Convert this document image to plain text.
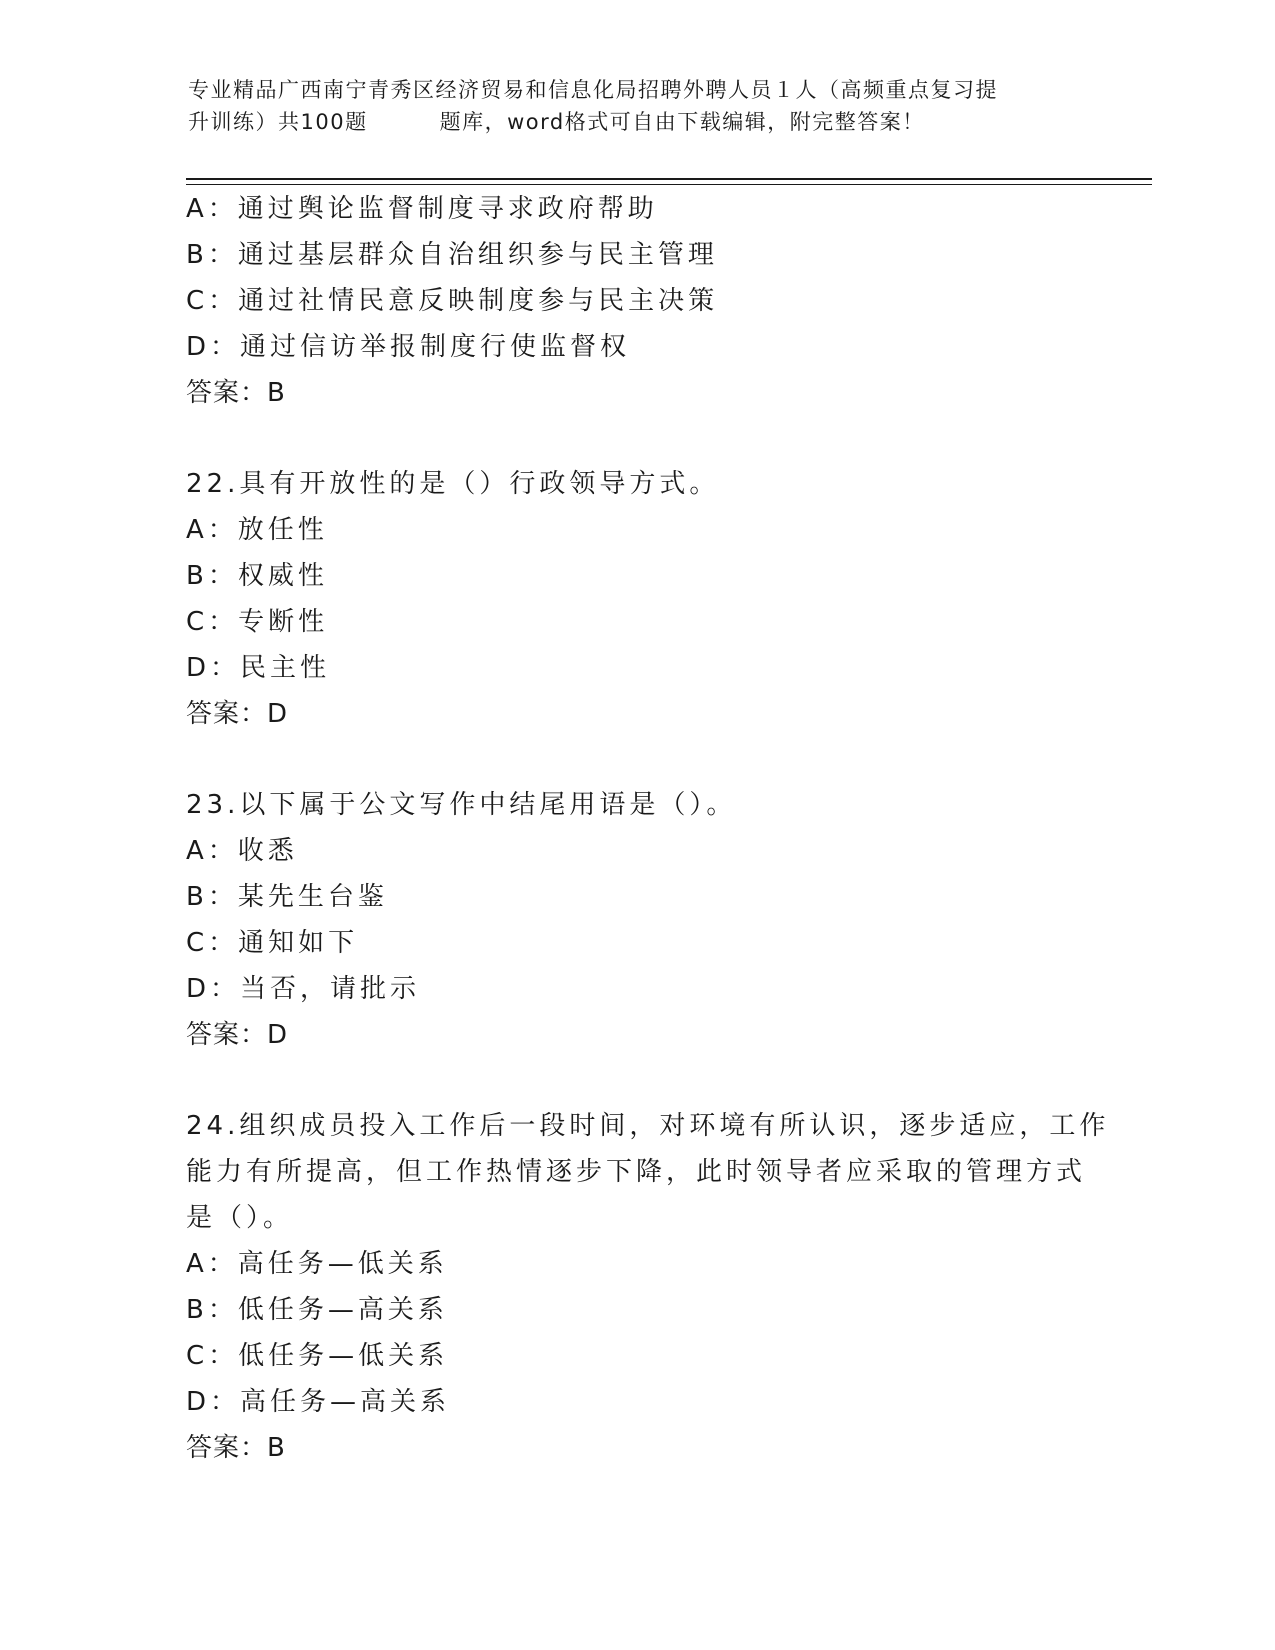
专业精品广西南宁青秀区经济贸易和信息化局招聘外聘人员１人（高频重点复习提
升训练）共100题	题库，word格式可自由下载编辑，附完整答案！
A：通过舆论监督制度寻求政府帮助
B：通过基层群众自治组织参与民主管理
C：通过社情民意反映制度参与民主决策
D：通过信访举报制度行使监督权
答案：B
22.具有开放性的是（）行政领导方式。
A：放任性
B：权威性
C：专断性
D：民主性
答案：D
23.以下属于公文写作中结尾用语是（）。
A：收悉
B：某先生台鉴
C：通知如下
D：当否，请批示
答案：D
24.组织成员投入工作后一段时间，对环境有所认识，逐步适应，工作
能力有所提高，但工作热情逐步下降，此时领导者应采取的管理方式
是（）。
A：高任务—低关系
B：低任务—高关系
C：低任务—低关系
D：高任务—高关系
答案：B
